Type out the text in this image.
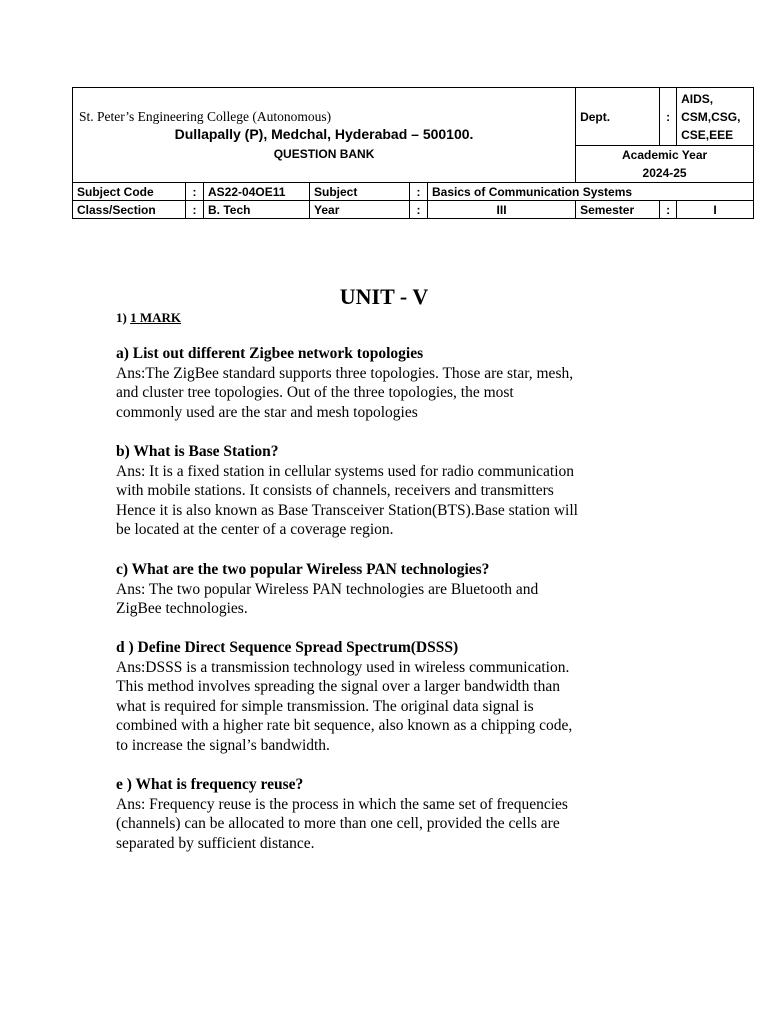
St. Peter’s Engineering College (Autonomous)
Dullapally (P), Medchal, Hyderabad – 500100.
QUESTION BANK						Dept.	:	AIDS,
CSM,CSG,
CSE,EEE

						Academic Year
2024-25		

Subject Code	:	AS22-04OE11	Subject	:	Basics of Communication Systems			
Class/Section	:	B. Tech	Year	:	III	Semester	:	I
UNIT - V
1) 1 MARK
a) List out different Zigbee network topologies
Ans:The ZigBee standard supports three topologies. Those are star, mesh,
and cluster tree topologies. Out of the three topologies, the most
commonly used are the star and mesh topologies
b) What is Base Station?
Ans: It is a fixed station in cellular systems used for radio communication
with mobile stations. It consists of channels, receivers and transmitters
Hence it is also known as Base Transceiver Station(BTS).Base station will
be located at the center of a coverage region.
c) What are the two popular Wireless PAN technologies?
Ans: The two popular Wireless PAN technologies are Bluetooth and
ZigBee technologies.
d ) Define Direct Sequence Spread Spectrum(DSSS)
Ans:DSSS is a transmission technology used in wireless communication.
This method involves spreading the signal over a larger bandwidth than
what is required for simple transmission. The original data signal is
combined with a higher rate bit sequence, also known as a chipping code,
to increase the signal’s bandwidth.
e ) What is frequency reuse?
Ans: Frequency reuse is the process in which the same set of frequencies
(channels) can be allocated to more than one cell, provided the cells are
separated by sufficient distance.
